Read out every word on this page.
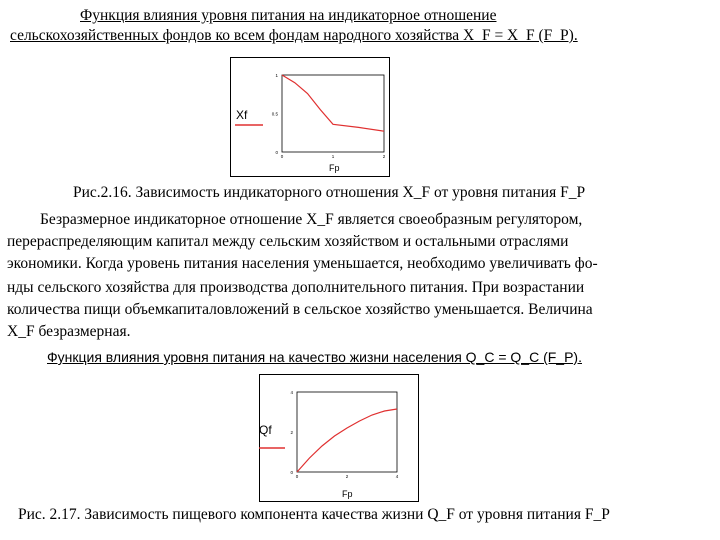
Функция влияния уровня питания на индикаторное отношение
сельскохозяйственных фондов ко всем фондам народного хозяйства X_F = X_F (F_P).
Xf
1
0.5
0
0	1	2
Fp
Рис.2.16. Зависимость индикаторного отношения X_F от уровня питания F_P
Безразмерное индикаторное отношение X_F является своеобразным регулятором,
перераспределяющим капитал между сельским хозяйством и остальными отраслями
экономики. Когда уровень питания населения уменьшается, необходимо увеличивать фо-
нды сельского хозяйства для производства дополнительного питания. При возрастании
количества пищи объемкапиталовложений в сельское хозяйство уменьшается. Величина
X_F безразмерная.
Функция влияния уровня питания на качество жизни населения Q_C = Q_C (F_P).
Qf
4
2
0
0	2	4
Fp
Рис. 2.17. Зависимость пищевого компонента качества жизни Q_F от уровня питания F_P
